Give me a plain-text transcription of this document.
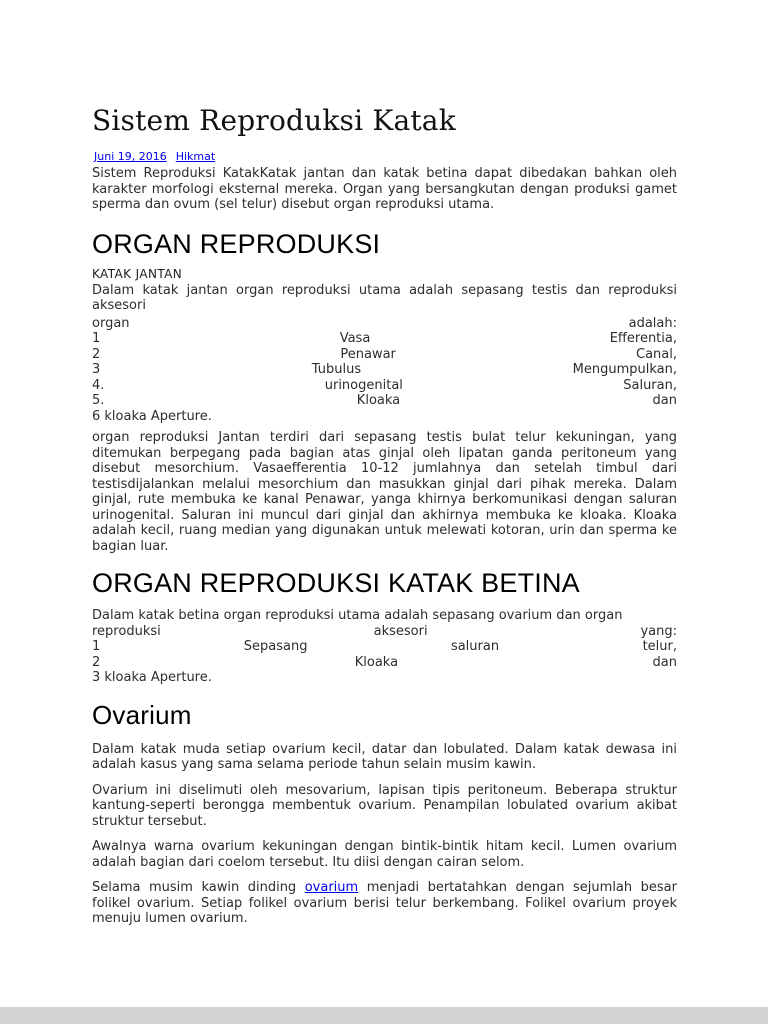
Sistem Reproduksi Katak
Juni 19, 2016 Hikmat

Sistem Reproduksi KatakKatak jantan dan katak betina dapat dibedakan bahkan oleh karakter morfologi eksternal mereka. Organ yang bersangkutan dengan produksi gamet sperma dan ovum (sel telur) disebut organ reproduksi utama.

ORGAN REPRODUKSI
KATAK JANTAN

Dalam katak jantan organ reproduksi utama adalah sepasang testis dan reproduksi aksesori

organ adalah:
1 Vasa Efferentia,
2 Penawar Canal,
3 Tubulus Mengumpulkan,
4. urinogenital Saluran,
5. Kloaka dan
6 kloaka Aperture.

organ reproduksi Jantan terdiri dari sepasang testis bulat telur kekuningan, yang ditemukan berpegang pada bagian atas ginjal oleh lipatan ganda peritoneum yang disebut mesorchium. Vasaefferentia 10-12 jumlahnya dan setelah timbul dari testisdijalankan melalui mesorchium dan masukkan ginjal dari pihak mereka. Dalam ginjal, rute membuka ke kanal Penawar, yanga khirnya berkomunikasi dengan saluran urinogenital. Saluran ini muncul dari ginjal dan akhirnya membuka ke kloaka. Kloaka adalah kecil, ruang median yang digunakan untuk melewati kotoran, urin dan sperma ke bagian luar.

ORGAN REPRODUKSI KATAK BETINA

Dalam katak betina organ reproduksi utama adalah sepasang ovarium dan organ

reproduksi aksesori yang:
1 Sepasang saluran telur,
2 Kloaka dan
3 kloaka Aperture.
Ovarium

Dalam katak muda setiap ovarium kecil, datar dan lobulated. Dalam katak dewasa ini adalah kasus yang sama selama periode tahun selain musim kawin.

Ovarium ini diselimuti oleh mesovarium, lapisan tipis peritoneum. Beberapa struktur kantung-seperti berongga membentuk ovarium. Penampilan lobulated ovarium akibat struktur tersebut.

Awalnya warna ovarium kekuningan dengan bintik-bintik hitam kecil. Lumen ovarium adalah bagian dari coelom tersebut. Itu diisi dengan cairan selom.

Selama musim kawin dinding ovarium menjadi bertatahkan dengan sejumlah besar folikel ovarium. Setiap folikel ovarium berisi telur berkembang. Folikel ovarium proyek menuju lumen ovarium.
